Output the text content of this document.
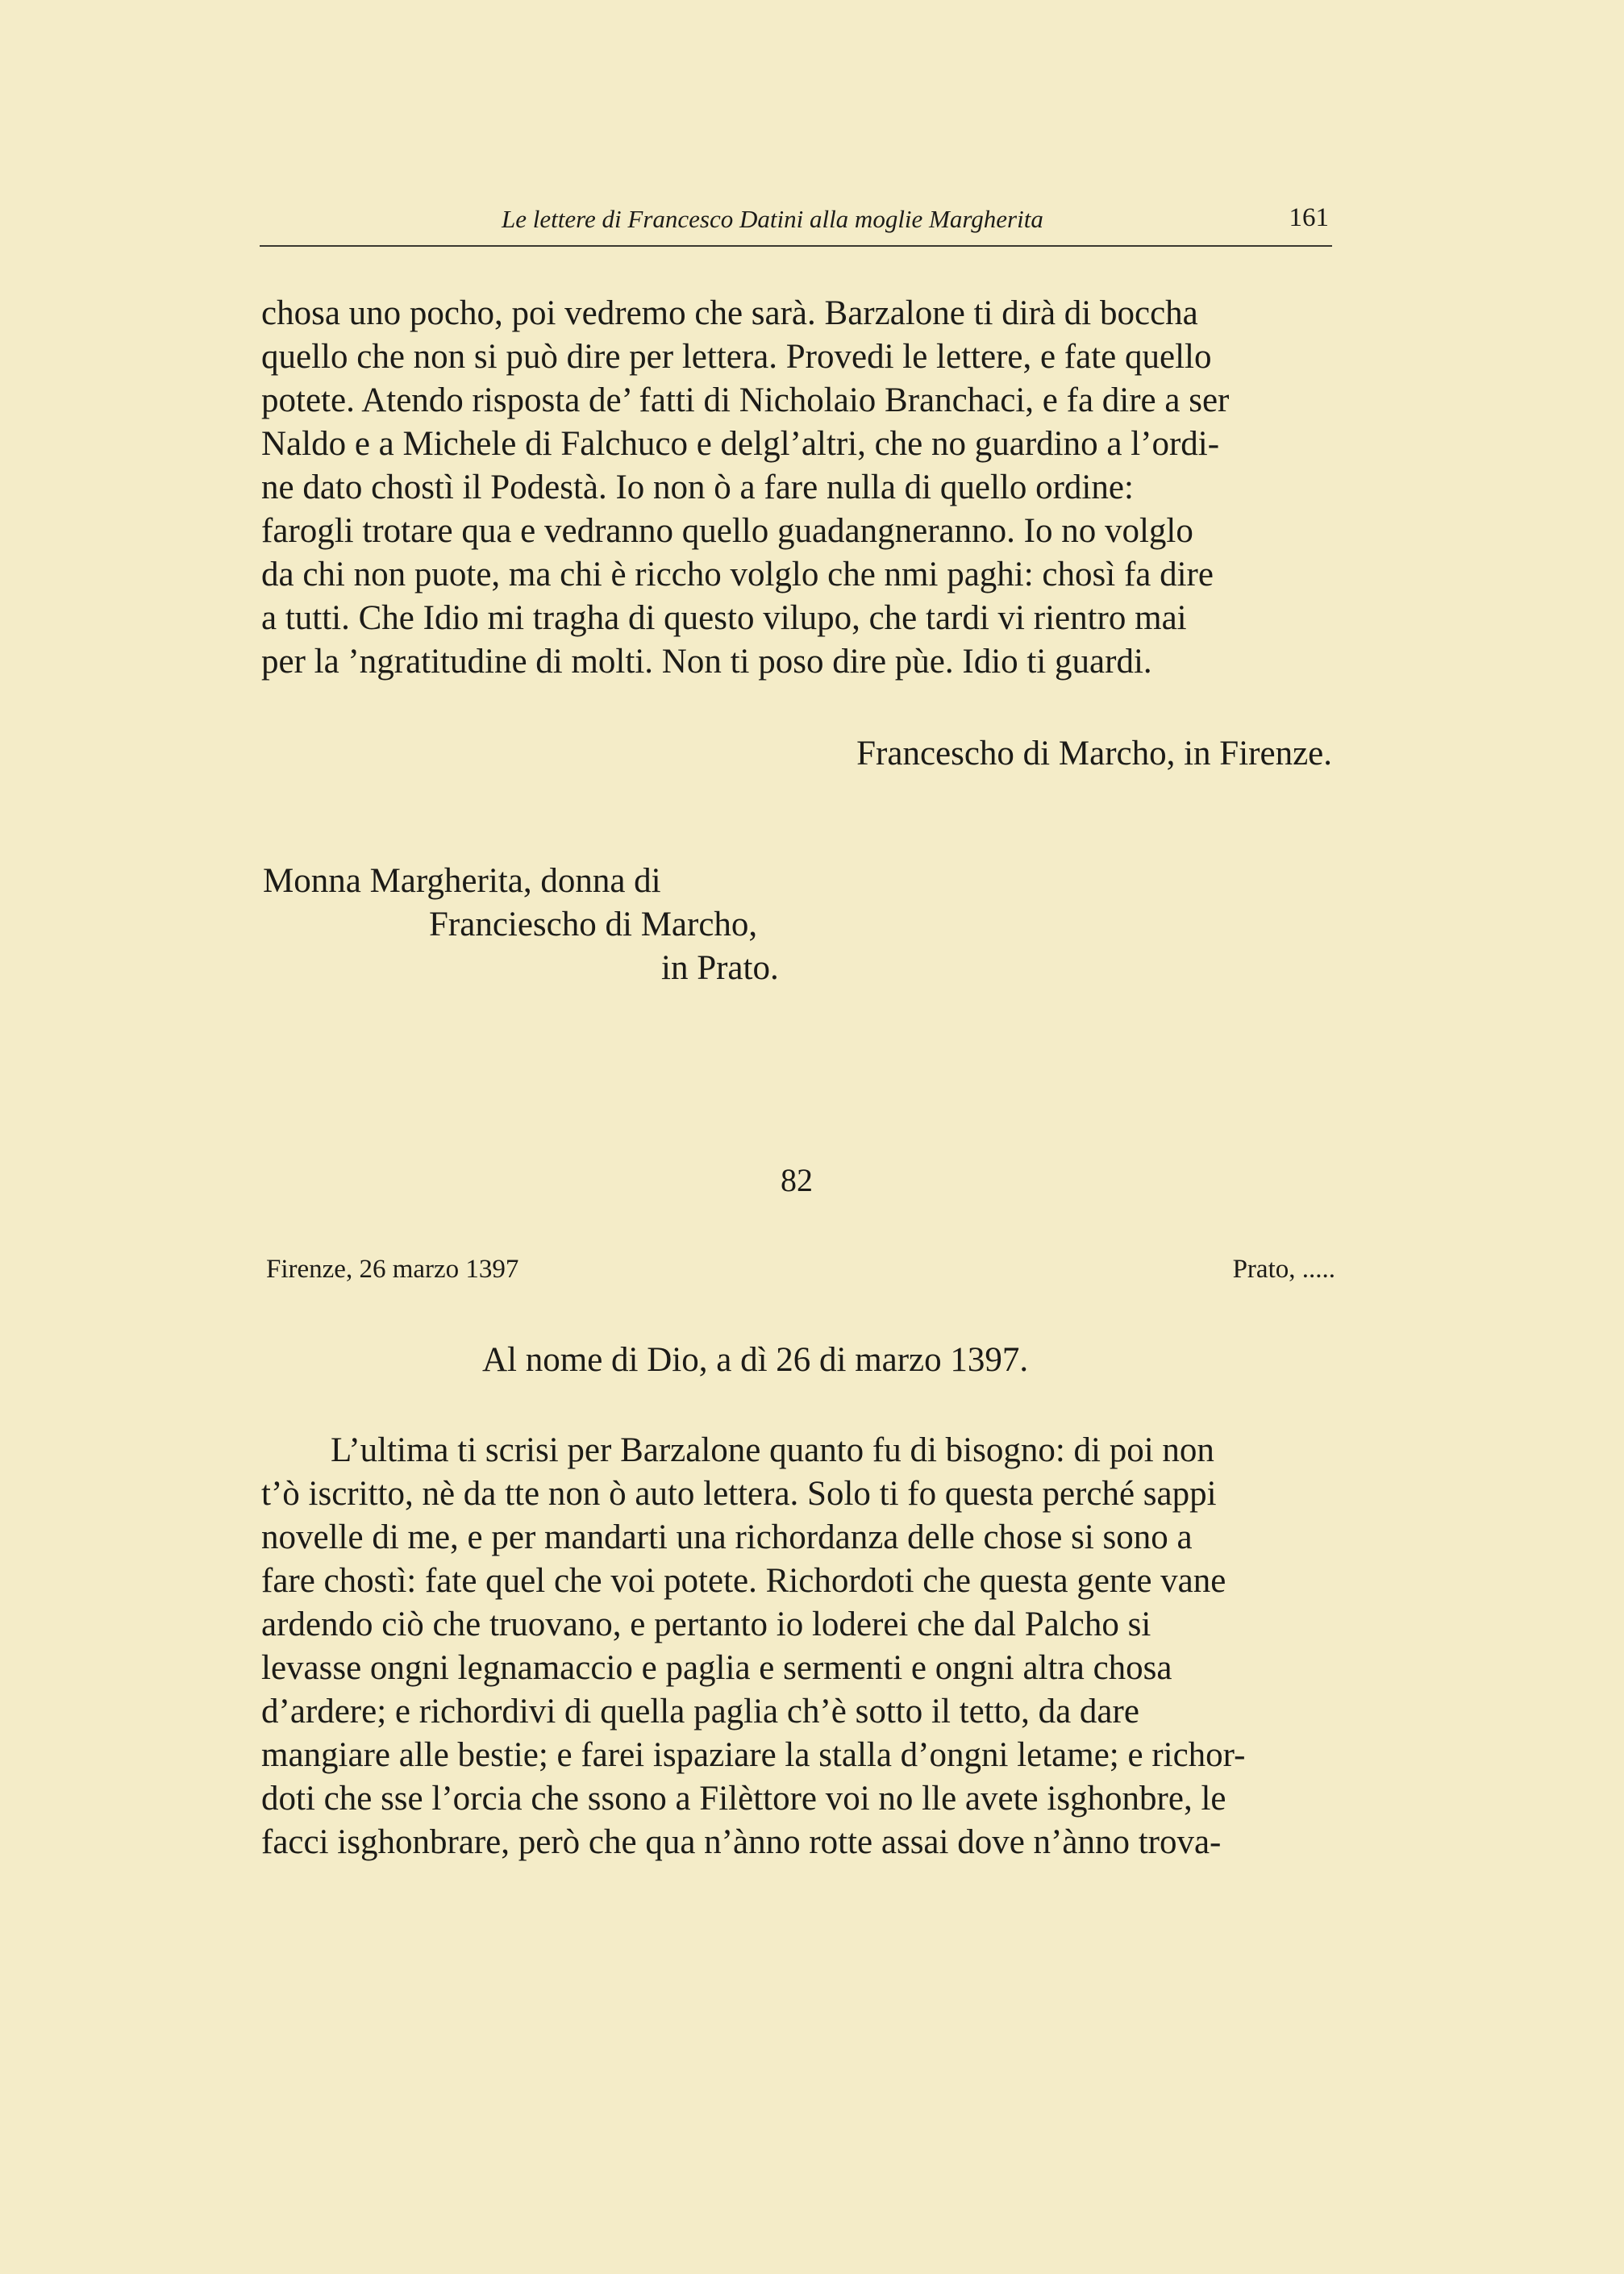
Le lettere di Francesco Datini alla moglie Margherita	161

chosa uno pocho, poi vedremo che sarà. Barzalone ti dirà di boccha

quello che non si può dire per lettera. Provedi le lettere, e fate quello

potete. Atendo risposta de’ fatti di Nicholaio Branchaci, e fa dire a ser

Naldo e a Michele di Falchuco e delgl’altri, che no guardino a l’ordi-

ne dato chostì il Podestà. Io non ò a fare nulla di quello ordine:

farogli trotare qua e vedranno quello guadangneranno. Io no volglo

da chi non puote, ma chi è riccho volglo che nmi paghi: chosì fa dire

a tutti. Che Idio mi tragha di questo vilupo, che tardi vi rientro mai

per la ’ngratitudine di molti. Non ti poso dire pùe. Idio ti guardi.

Franceschо di Marcho, in Firenze.
Monna Margherita, donna di
Franciescho di Marcho,
in Prato.
82
Firenze, 26 marzo 1397	Prato, .....
Al nome di Dio, a dì 26 di marzo 1397.

L’ultima ti scrisi per Barzalone quanto fu di bisogno: di poi non

t’ò iscritto, nè da tte non ò auto lettera. Solo ti fo questa perché sappi

novelle di me, e per mandarti una richordanza delle chose si sono a

fare chostì: fate quel che voi potete. Richordoti che questa gente vane

ardendo ciò che truovano, e pertanto io loderei che dal Palcho si

levasse ongni legnamaccio e paglia e sermenti e ongni altra chosa

d’ardere; e richordivi di quella paglia ch’è sotto il tetto, da dare

mangiare alle bestie; e farei ispaziare la stalla d’ongni letame; e richor-

doti che sse l’orcia che ssono a Filèttore voi no lle avete isghonbre, le

facci isghonbrare, però che qua n’ànno rotte assai dove n’ànno trova-
